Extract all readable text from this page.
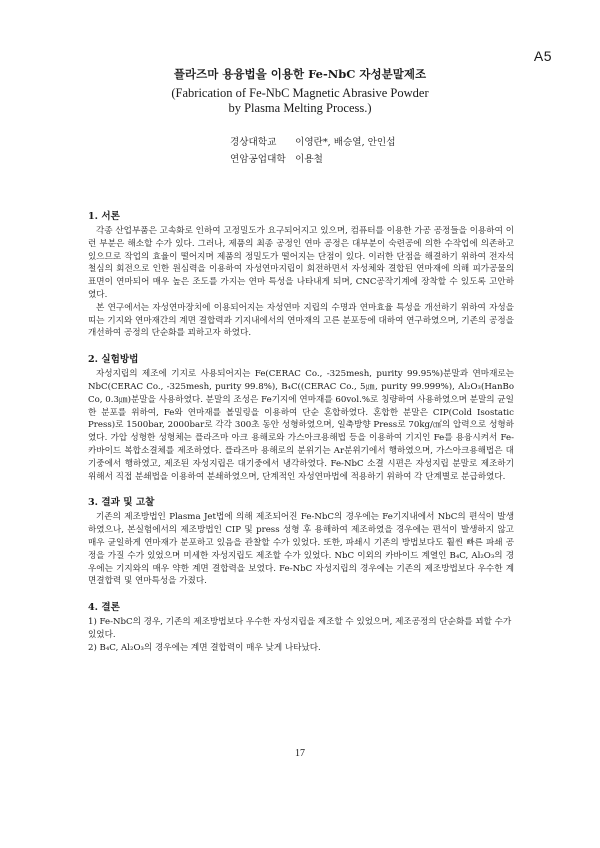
A5

플라즈마 용융법을 이용한 Fe-NbC 자성분말제조

(Fabrication of Fe-NbC Magnetic Abrasive Powder

by Plasma Melting Process.)

경상대학교 이영란*, 배승열, 안인섭
연암공업대학 이용철

1. 서론

각종 산업부품은 고속화로 인하여 고정밀도가 요구되어지고 있으며, 컴퓨터를 이용한 가공 공정들을 이용하여 이런 부분은 해소할 수가 있다. 그러나, 제품의 최종 공정인 연마 공정은 대부분이 숙련공에 의한 수작업에 의존하고 있으므로 작업의 효율이 떨어지며 제품의 정밀도가 떨어지는 단점이 있다. 이러한 단점을 해결하기 위하여 전자석 철심의 회전으로 인한 원심력을 이용하여 자성연마지립이 회전하면서 자성체와 결합된 연마재에 의해 피가공물의 표면이 연마되어 매우 높은 조도를 가지는 연마 특성을 나타내게 되며, CNC공작기계에 장착할 수 있도록 고안하였다.

본 연구에서는 자성연마장치에 이용되어지는 자성연마 지립의 수명과 연마효율 특성을 개선하기 위하여 자성을 띠는 기지와 연마재간의 계면 결합력과 기지내에서의 연마재의 고른 분포등에 대하여 연구하였으며, 기존의 공정을 개선하여 공정의 단순화를 꾀하고자 하였다.

2. 실험방법

자성지립의 제조에 기지로 사용되어지는 Fe(CERAC Co., -325mesh, purity 99.95%)분말과 연마재로는 NbC(CERAC Co., -325mesh, purity 99.8%), B₄C((CERAC Co., 5㎛, purity 99.999%), Al₂O₃(HanBo Co, 0.3㎛)분말을 사용하였다. 분말의 조성은 Fe기지에 연마재를 60vol.%로 칭량하여 사용하였으며 분말의 균일한 분포를 위하여, Fe와 연마재를 볼밀링을 이용하여 단순 혼합하였다. 혼합한 분말은 CIP(Cold Isostatic Press)로 1500bar, 2000bar로 각각 300초 동안 성형하였으며, 일축방향 Press로 70kg/㎠의 압력으로 성형하였다. 가압 성형한 성형체는 플라즈마 아크 용해로와 가스아크용해법 등을 이용하여 기지인 Fe를 용융시켜서 Fe-카바이드 복합소결체를 제조하였다. 플라즈마 용해로의 분위기는 Ar분위기에서 행하였으며, 가스아크용해법은 대기중에서 행하였고, 제조된 자성지립은 대기중에서 냉각하였다. Fe-NbC 소결 시편은 자성지립 분말로 제조하기 위해서 직접 분쇄법을 이용하여 분쇄하였으며, 단계적인 자성연마법에 적용하기 위하여 각 단계별로 분급하였다.

3. 결과 및 고찰

기존의 제조방법인 Plasma Jet법에 의해 제조되어진 Fe-NbC의 경우에는 Fe기지내에서 NbC의 편석이 발생하였으나, 본실험에서의 제조방법인 CIP 및 press 성형 후 용해하여 제조하였을 경우에는 편석이 발생하지 않고 매우 균일하게 연마재가 분포하고 있음을 관찰할 수가 있었다. 또한, 파쇄시 기존의 방법보다도 훨씬 빠른 파쇄 공정을 가질 수가 있었으며 미세한 자성지립도 제조할 수가 있었다. NbC 이외의 카바이드 계열인 B₄C, Al₂O₃의 경우에는 기지와의 매우 약한 계면 결합력을 보였다. Fe-NbC 자성지립의 경우에는 기존의 제조방법보다 우수한 계면결합력 및 연마특성을 가졌다.

4. 결론

1) Fe-NbC의 경우, 기존의 제조방법보다 우수한 자성지립을 제조할 수 있었으며, 제조공정의 단순화를 꾀할 수가 있었다.

2) B₄C, Al₂O₃의 경우에는 계면 결합력이 매우 낮게 나타났다.

17
